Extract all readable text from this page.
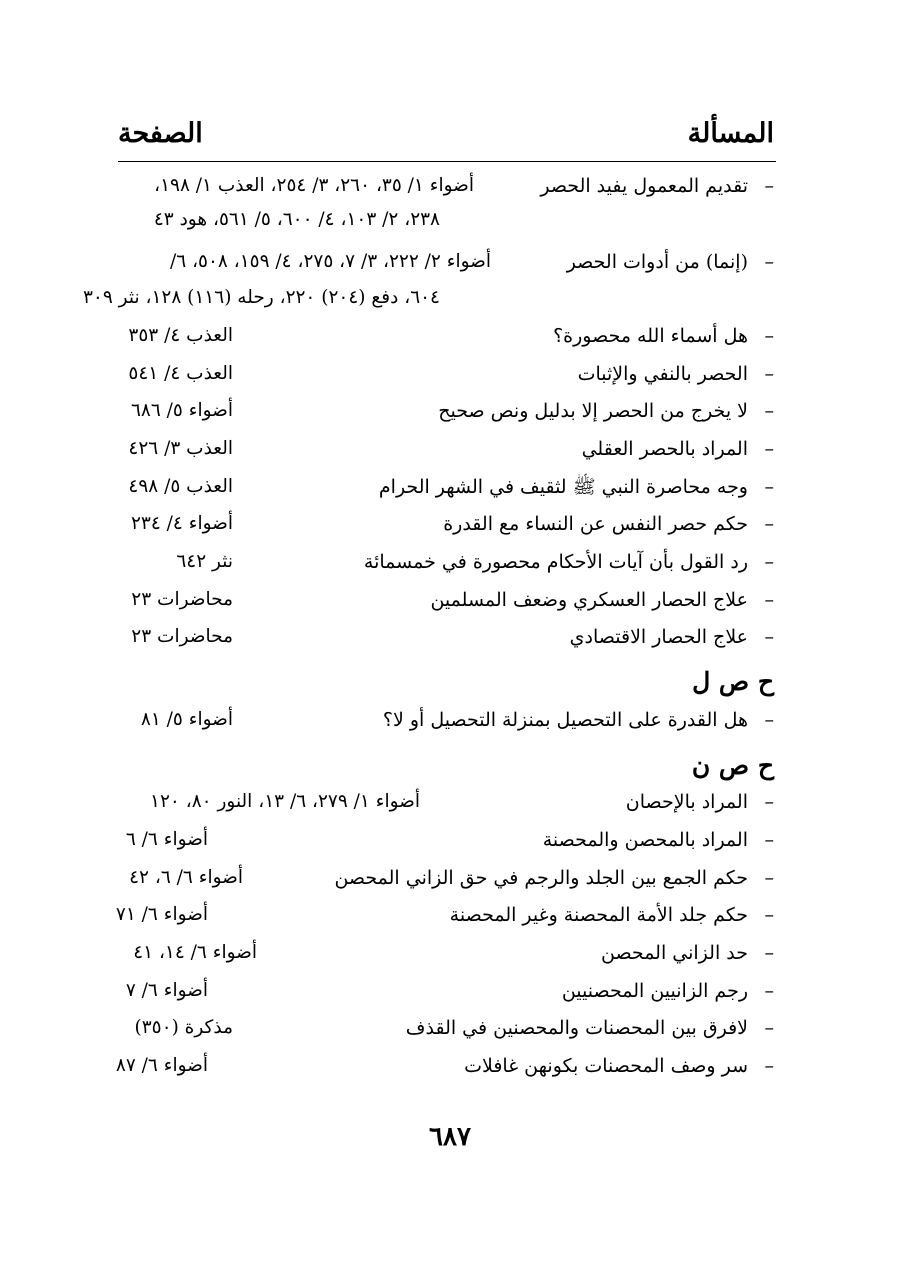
المسألة
الصفحة
–
تقديم المعمول يفيد الحصر
أضواء ١/ ٣٥، ٢٦٠، ٣/ ٢٥٤، العذب ١/ ١٩٨،
٢٣٨، ٢/ ١٠٣، ٤/ ٦٠٠، ٥/ ٥٦١، هود ٤٣
–
(إنما) من أدوات الحصر
أضواء ٢/ ٢٢٢، ٣/ ٧، ٢٧٥، ٤/ ١٥٩، ٥٠٨، ٦/
٦٠٤، دفع (٢٠٤) ٢٢٠، رحله (١١٦) ١٢٨، نثر ٣٠٩
–
هل أسماء الله محصورة؟
العذب ٤/ ٣٥٣
–
الحصر بالنفي والإثبات
العذب ٤/ ٥٤١
–
لا يخرج من الحصر إلا بدليل ونص صحيح
أضواء ٥/ ٦٨٦
–
المراد بالحصر العقلي
العذب ٣/ ٤٢٦
–
وجه محاصرة النبي ﷺ لثقيف في الشهر الحرام
العذب ٥/ ٤٩٨
–
حكم حصر النفس عن النساء مع القدرة
أضواء ٤/ ٢٣٤
–
رد القول بأن آيات الأحكام محصورة في خمسمائة
نثر ٦٤٢
–
علاج الحصار العسكري وضعف المسلمين
محاضرات ٢٣
–
علاج الحصار الاقتصادي
محاضرات ٢٣
ح ص ل
–
هل القدرة على التحصيل بمنزلة التحصيل أو لا؟
أضواء ٥/ ٨١
ح ص ن
–
المراد بالإحصان
أضواء ١/ ٢٧٩، ٦/ ١٣، النور ٨٠، ١٢٠
–
المراد بالمحصن والمحصنة
أضواء ٦/ ٦
–
حكم الجمع بين الجلد والرجم في حق الزاني المحصن
أضواء ٦/ ٦، ٤٢
–
حكم جلد الأمة المحصنة وغير المحصنة
أضواء ٦/ ٧١
–
حد الزاني المحصن
أضواء ٦/ ١٤، ٤١
–
رجم الزانيين المحصنيين
أضواء ٦/ ٧
–
لافرق بين المحصنات والمحصنين في القذف
مذكرة (٣٥٠)
–
سر وصف المحصنات بكونهن غافلات
أضواء ٦/ ٨٧
٦٨٧
